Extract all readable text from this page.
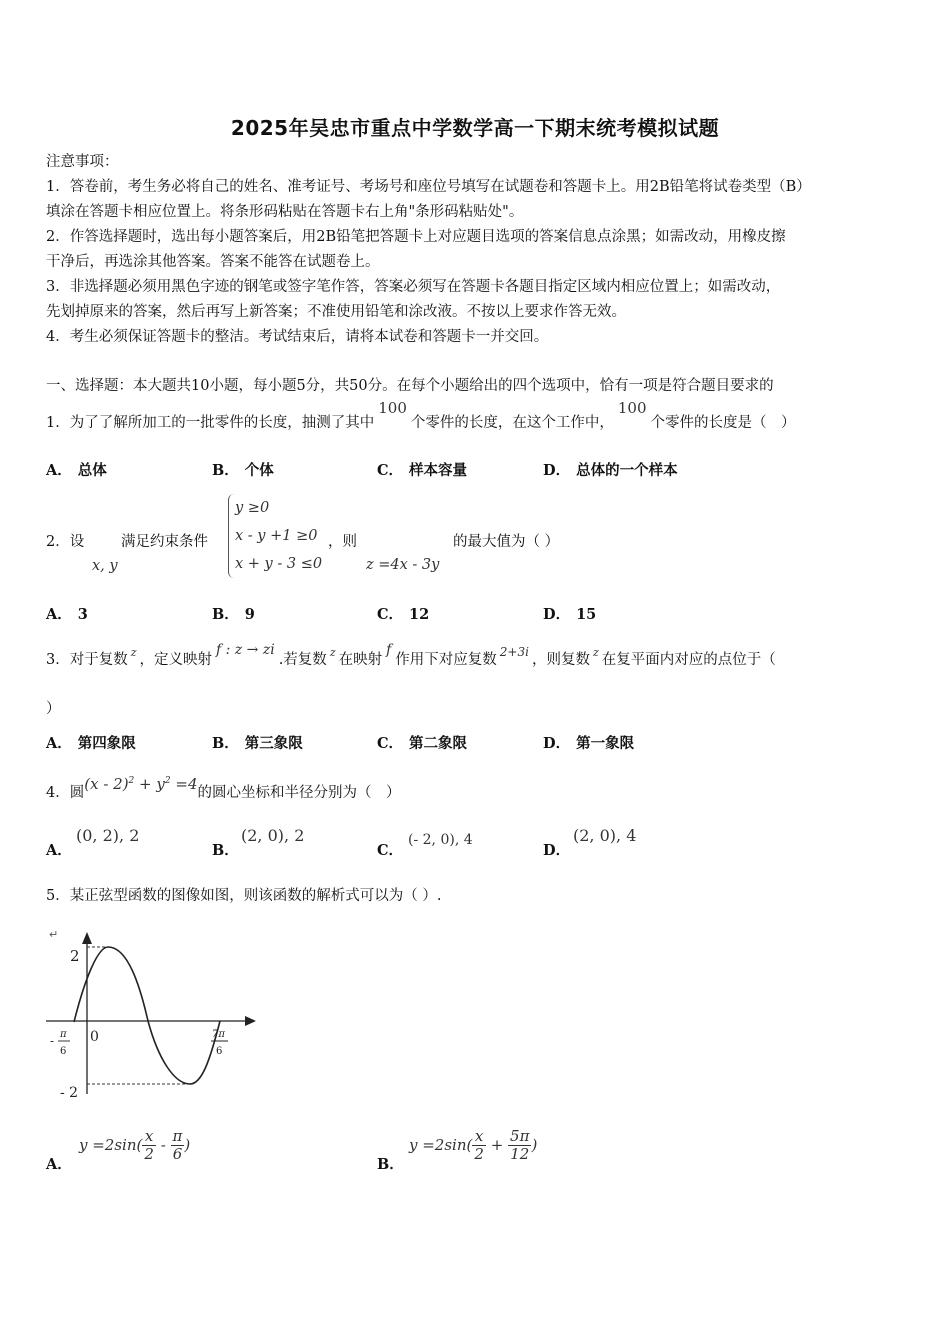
2025年吴忠市重点中学数学高一下期末统考模拟试题
注意事项：
1．答卷前，考生务必将自己的姓名、准考证号、考场号和座位号填写在试题卷和答题卡上。用2B铅笔将试卷类型（B）
填涂在答题卡相应位置上。将条形码粘贴在答题卡右上角"条形码粘贴处"。
2．作答选择题时，选出每小题答案后，用2B铅笔把答题卡上对应题目选项的答案信息点涂黑；如需改动，用橡皮擦
干净后，再选涂其他答案。答案不能答在试题卷上。
3．非选择题必须用黑色字迹的钢笔或签字笔作答，答案必须写在答题卡各题目指定区域内相应位置上；如需改动，
先划掉原来的答案，然后再写上新答案；不准使用铅笔和涂改液。不按以上要求作答无效。
4．考生必须保证答题卡的整洁。考试结束后，请将本试卷和答题卡一并交回。
一、选择题：本大题共10小题，每小题5分，共50分。在每个小题给出的四个选项中，恰有一项是符合题目要求的
1．为了了解所加工的一批零件的长度，抽测了其中100个零件的长度，在这个工作中，100个零件的长度是（　）
A． 总体	B． 个体	C． 样本容量	D． 总体的一个样本
2．设
x, y
满足约束条件
y ≥0
x - y +1 ≥0
x + y - 3 ≤0
，则
z =4x - 3y
的最大值为（ ）
A． 3	B． 9	C． 12	D． 15
3．对于复数 $^z$ ，定义映射f : z → zi.若复数 $^z$ 在映射f作用下对应复数 $^{2+3i}$ ，则复数 $^z$ 在复平面内对应的点位于（
）
A． 第四象限	B． 第三象限	C． 第二象限	D． 第一象限
4．圆$(x - 2)^2 + y^2 =4$的圆心坐标和半径分别为（　）
A．
(0, 2), 2
B．
(2, 0), 2
C．
(- 2, 0), 4
D．
(2, 0), 4
5．某正弦型函数的图像如图，则该函数的解析式可以为（ ）.
↵
2
- 2
0
- π
6
7π
6
A．
$y =2\sin( \frac{x}{2} - \frac{\pi}{6}$ )
B．
$y =2\sin( \frac{x}{2} + \frac{5\pi}{12}$ )
